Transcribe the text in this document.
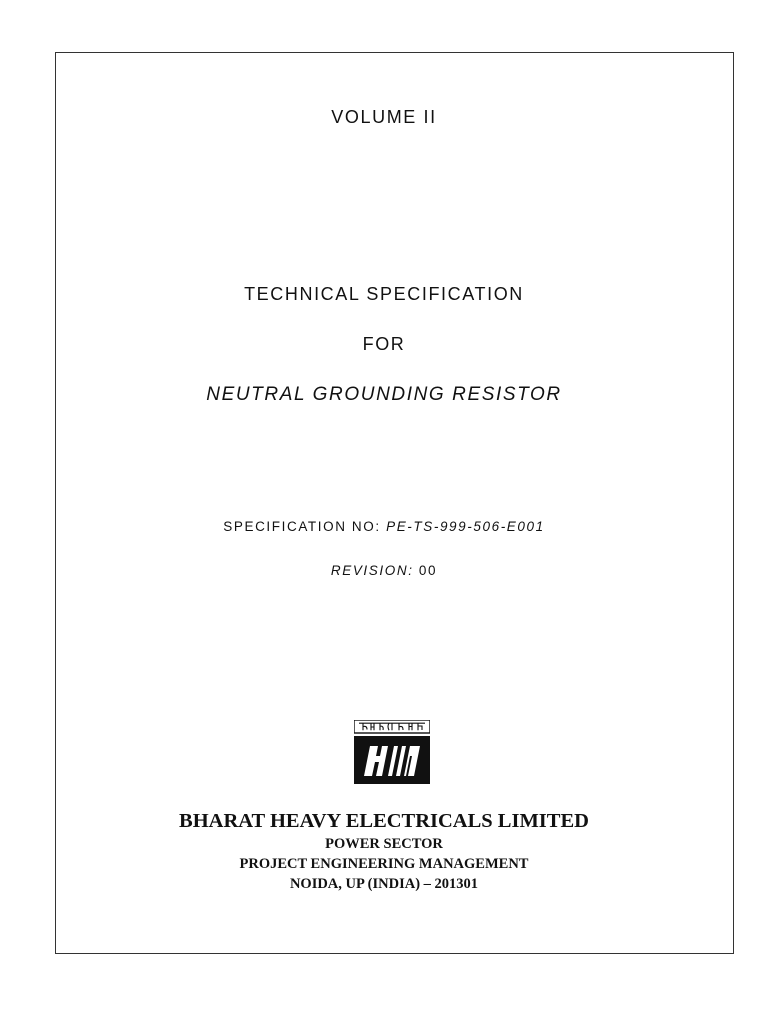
VOLUME II
TECHNICAL SPECIFICATION
FOR
NEUTRAL GROUNDING RESISTOR
SPECIFICATION NO: PE-TS-999-506-E001
REVISION: 00
BHARAT HEAVY ELECTRICALS LIMITED
POWER SECTOR
PROJECT ENGINEERING MANAGEMENT
NOIDA, UP (INDIA) – 201301
